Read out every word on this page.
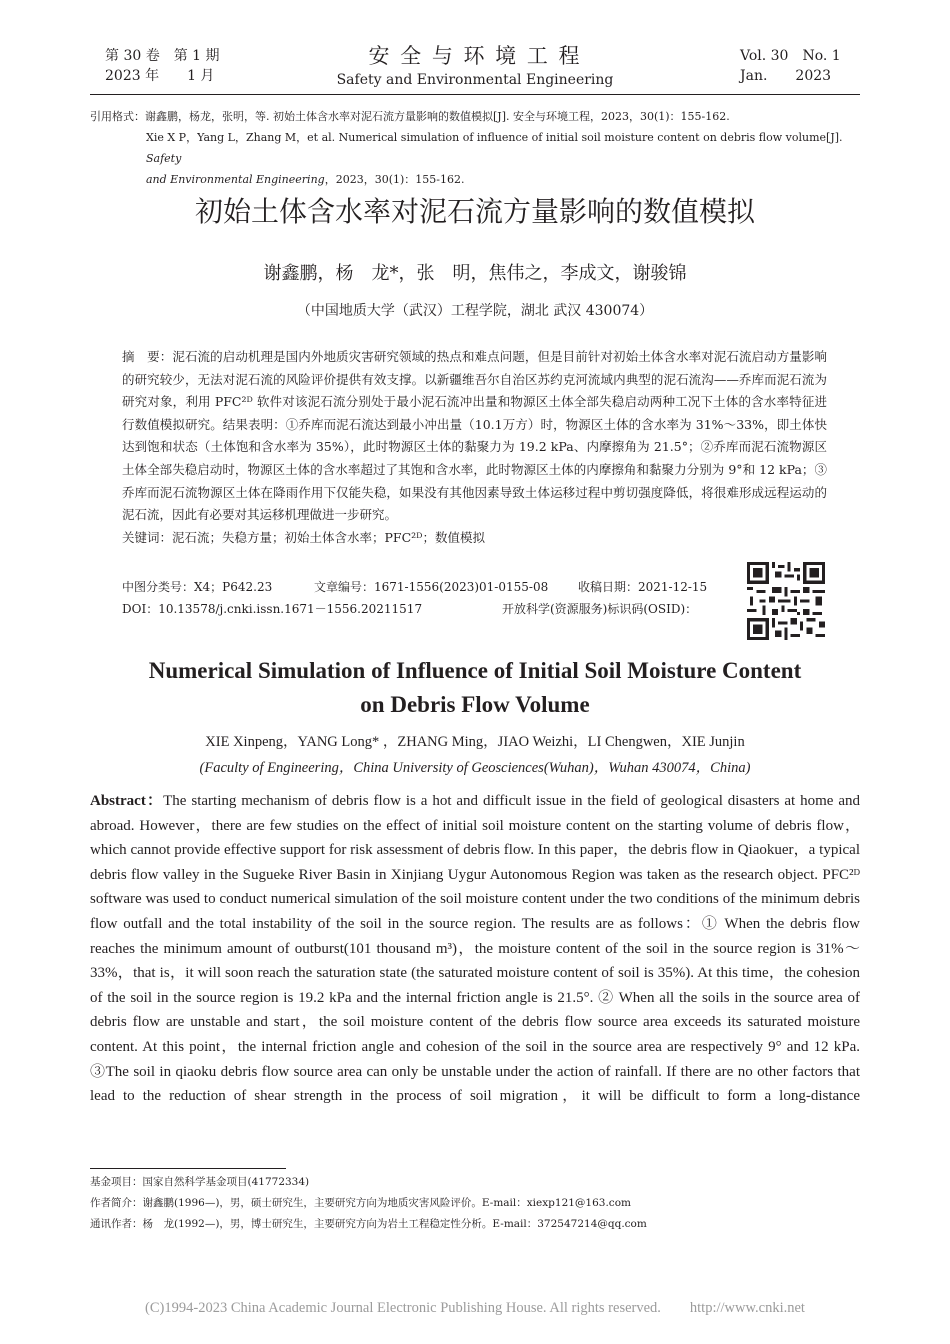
第 30 卷　第 1 期
2023 年　　1 月
安 全 与 环 境 工 程
Safety and Environmental Engineering
Vol. 30　No. 1
Jan.　　2023
引用格式：谢鑫鹏，杨龙，张明，等. 初始土体含水率对泥石流方量影响的数值模拟[J]. 安全与环境工程，2023，30(1)：155-162.
Xie X P，Yang L，Zhang M，et al. Numerical simulation of influence of initial soil moisture content on debris flow volume[J]. Safety
and Environmental Engineering，2023，30(1)：155-162.
初始土体含水率对泥石流方量影响的数值模拟
谢鑫鹏，杨　龙*，张　明，焦伟之，李成文，谢骏锦
（中国地质大学（武汉）工程学院，湖北 武汉 430074）

摘　要：泥石流的启动机理是国内外地质灾害研究领域的热点和难点问题，但是目前针对初始土体含水率对泥石流启动方量影响的研究较少，无法对泥石流的风险评价提供有效支撑。以新疆维吾尔自治区苏约克河流域内典型的泥石流沟——乔库而泥石流为研究对象，利用 PFC²ᴰ 软件对该泥石流分别处于最小泥石流冲出量和物源区土体全部失稳启动两种工况下土体的含水率特征进行数值模拟研究。结果表明：①乔库而泥石流达到最小冲出量（10.1万方）时，物源区土体的含水率为 31%～33%，即土体快达到饱和状态（土体饱和含水率为 35%），此时物源区土体的黏聚力为 19.2 kPa、内摩擦角为 21.5°；②乔库而泥石流物源区土体全部失稳启动时，物源区土体的含水率超过了其饱和含水率，此时物源区土体的内摩擦角和黏聚力分别为 9°和 12 kPa；③乔库而泥石流物源区土体在降雨作用下仅能失稳，如果没有其他因素导致土体运移过程中剪切强度降低，将很难形成远程运动的泥石流，因此有必要对其运移机理做进一步研究。

关键词：泥石流；失稳方量；初始土体含水率；PFC²ᴰ；数值模拟

中图分类号：X4；P642.23	文章编号：1671-1556(2023)01-0155-08 收稿日期：2021-12-15
DOI：10.13578/j.cnki.issn.1671－1556.20211517	开放科学(资源服务)标识码(OSID)：
Numerical Simulation of Influence of Initial Soil Moisture Content
on Debris Flow Volume
XIE Xinpeng，YANG Long* ，ZHANG Ming，JIAO Weizhi，LI Chengwen，XIE Junjin
(Faculty of Engineering，China University of Geosciences(Wuhan)，Wuhan 430074，China)
Abstract：The starting mechanism of debris flow is a hot and difficult issue in the field of geological disasters at home and abroad. However，there are few studies on the effect of initial soil moisture content on the starting volume of debris flow，which cannot provide effective support for risk assessment of debris flow. In this paper，the debris flow in Qiaokuer，a typical debris flow valley in the Sugueke River Basin in Xinjiang Uygur Autonomous Region was taken as the research object. PFC²ᴰ software was used to conduct numerical simulation of the soil moisture content under the two conditions of the minimum debris flow outfall and the total instability of the soil in the source region. The results are as follows：① When the debris flow reaches the minimum amount of outburst(101 thousand m³)，the moisture content of the soil in the source region is 31%～33%，that is，it will soon reach the saturation state (the saturated moisture content of soil is 35%). At this time，the cohesion of the soil in the source region is 19.2 kPa and the internal friction angle is 21.5°. ② When all the soils in the source area of debris flow are unstable and start，the soil moisture content of the debris flow source area exceeds its saturated moisture content. At this point，the internal friction angle and cohesion of the soil in the source area are respectively 9° and 12 kPa. ③The soil in qiaoku debris flow source area can only be unstable under the action of rainfall. If there are no other factors that lead to the reduction of shear strength in the process of soil migration，it will be difficult to form a long-distance
基金项目：国家自然科学基金项目(41772334)
作者简介：谢鑫鹏(1996—)，男，硕士研究生，主要研究方向为地质灾害风险评价。E-mail：xiexp121@163.com
通讯作者：杨　龙(1992—)，男，博士研究生，主要研究方向为岩土工程稳定性分析。E-mail：372547214@qq.com
(C)1994-2023 China Academic Journal Electronic Publishing House. All rights reserved.　　http://www.cnki.net
